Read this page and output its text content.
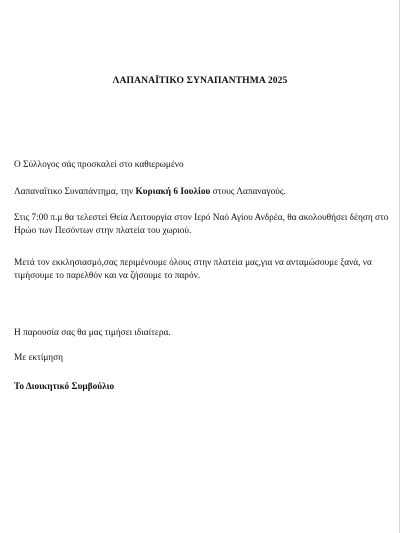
ΛΑΠΑΝΑΪΤΙΚΟ ΣΥΝΑΠΑΝΤΗΜΑ 2025

Ο Σύλλογος σάς προσκαλεί στο καθιερωμένο

Λαπαναΐτικο Συναπάντημα, την Κυριακή 6 Ιουλίου στους Λαπαναγούς.

Στις 7:00 π.μ θα τελεστεί Θεία Λειτουργία στον Ιερό Ναό Αγίου Ανδρέα, θα ακολουθήσει δέηση στο Ηρώο των Πεσόντων στην πλατεία του χωριού.

Μετά τον εκκλησιασμό,σας περιμένουμε όλους στην πλατεία μας,για να ανταμώσουμε ξανά, να τιμήσουμε το παρελθόν και να ζήσουμε το παρόν.

Η παρουσία σας θα μας τιμήσει ιδιαίτερα.

Με εκτίμηση

Το Διοικητικό Συμβούλιο
